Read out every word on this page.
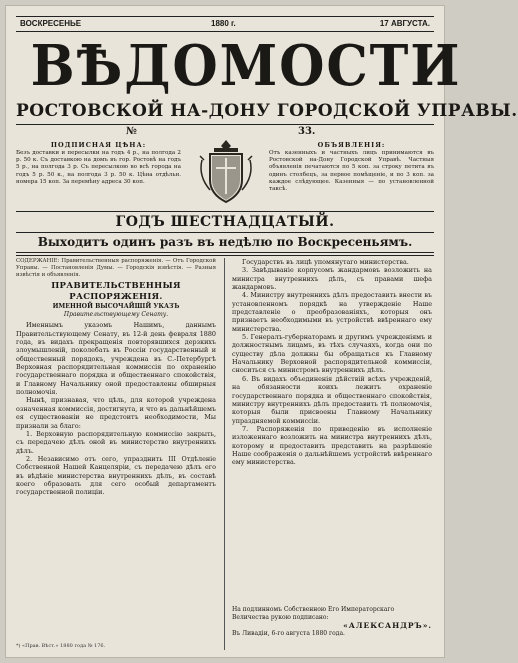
ВОСКРЕСЕНЬЕ	1880 г.	17 АВГУСТА.
ВѢДОМОСТИ
РОСТОВСКОЙ НА-ДОНУ ГОРОДСКОЙ УПРАВЫ.
№	33.
ПОДПИСНАЯ ЦѢНА:
Безъ доставки и пересылки на годъ 4 р., на полгода 2 р. 50 к. Съ доставкою на домъ въ гор. Ростовѣ на годъ 5 р., на полгода 3 р. Съ пересылкою во всѣ города на годъ 5 р. 50 к., на полгода 3 р. 50 к. Цѣна отдѣльн. номера 15 коп. За перемѣну адреса 30 коп.
ОБЪЯВЛЕНІЯ:
Отъ казенныхъ и частныхъ лицъ принимаются въ Ростовской на-Дону Городской Управѣ. Частныя объявленія печатаются по 5 коп. за строку петита въ одинъ столбецъ, за первое помѣщеніе, и по 3 коп. за каждое слѣдующее. Казенныя — по установленной таксѣ.
ГОДЪ ШЕСТНАДЦАТЫЙ.
Выходитъ одинъ разъ въ недѣлю по Воскресеньямъ.

СОДЕРЖАНІЕ: Правительственныя распоряженія. — Отъ Городской Управы. — Постановленія Думы. — Городскія извѣстія. — Разныя извѣстія и объявленія.

ПРАВИТЕЛЬСТВЕННЫЯ РАСПОРЯЖЕНІЯ.
ИМЕННОЙ ВЫСОЧАЙШІЙ УКАЗЪ
Правительствующему Сенату.

Именнымъ указомъ Нашимъ, даннымъ Правительствующему Сенату, въ 12-й день февраля 1880 года, въ видахъ прекращенія повторявшихся дерзкихъ злоумышленій, поколебать въ Россіи государственный и общественный порядокъ, учреждена въ С.-Петербургѣ Верховная распорядительная коммиссія по охраненію государственнаго порядка и общественнаго спокойствія, и Главному Начальнику оной предоставлены обширныя полномочія.

Нынѣ, признавая, что цѣль, для которой учреждена означенная коммиссія, достигнута, и что въ дальнѣйшемъ ея существованіи не предстоитъ необходимости, Мы признали за благо:

1. Верховную распорядительную коммиссію закрыть, съ передачею дѣлъ оной въ министерство внутреннихъ дѣлъ.

2. Независимо отъ сего, упразднить III Отдѣленіе Собственной Нашей Канцеляріи, съ передачею дѣлъ его въ вѣдѣніе министерства внутреннихъ дѣлъ, въ составѣ коего образовать для сего особый департаментъ государственной полиціи.

Государствъ въ лицѣ упомянутаго министерства.

3. Завѣдываніе корпусомъ жандармовъ возложить на министра внутреннихъ дѣлъ, съ правами шефа жандармовъ.

4. Министру внутреннихъ дѣлъ предоставить внести въ установленномъ порядкѣ на утвержденіе Наше представленіе о преобразованіяхъ, которыя онъ признаетъ необходимыми въ устройствѣ ввѣреннаго ему министерства.

5. Генералъ-губернаторамъ и другимъ учрежденіямъ и должностнымъ лицамъ, въ тѣхъ случаяхъ, когда они по существу дѣла должны бы обращаться къ Главному Начальнику Верховной распорядительной коммиссіи, сноситься съ министромъ внутреннихъ дѣлъ.

6. Въ видахъ объединенія дѣйствій всѣхъ учрежденій, на обязанности коихъ лежитъ охраненіе государственнаго порядка и общественнаго спокойствія, министру внутреннихъ дѣлъ предоставить тѣ полномочія, которыя были присвоены Главному Начальнику упраздняемой коммиссіи.

7. Распоряженія по приведенію въ исполненіе изложеннаго возложить на министра внутреннихъ дѣлъ, которому и предоставить представить на разрѣшеніе Наше соображенія о дальнѣйшемъ устройствѣ ввѣреннаго ему министерства.

На подлинномъ Собственною Его Императорскаго Величества рукою подписано:
«АЛЕКСАНДРЪ».
Въ Ливадіи, 6-го августа 1880 года.
*) «Прав. Вѣст.» 1880 года № 176.
